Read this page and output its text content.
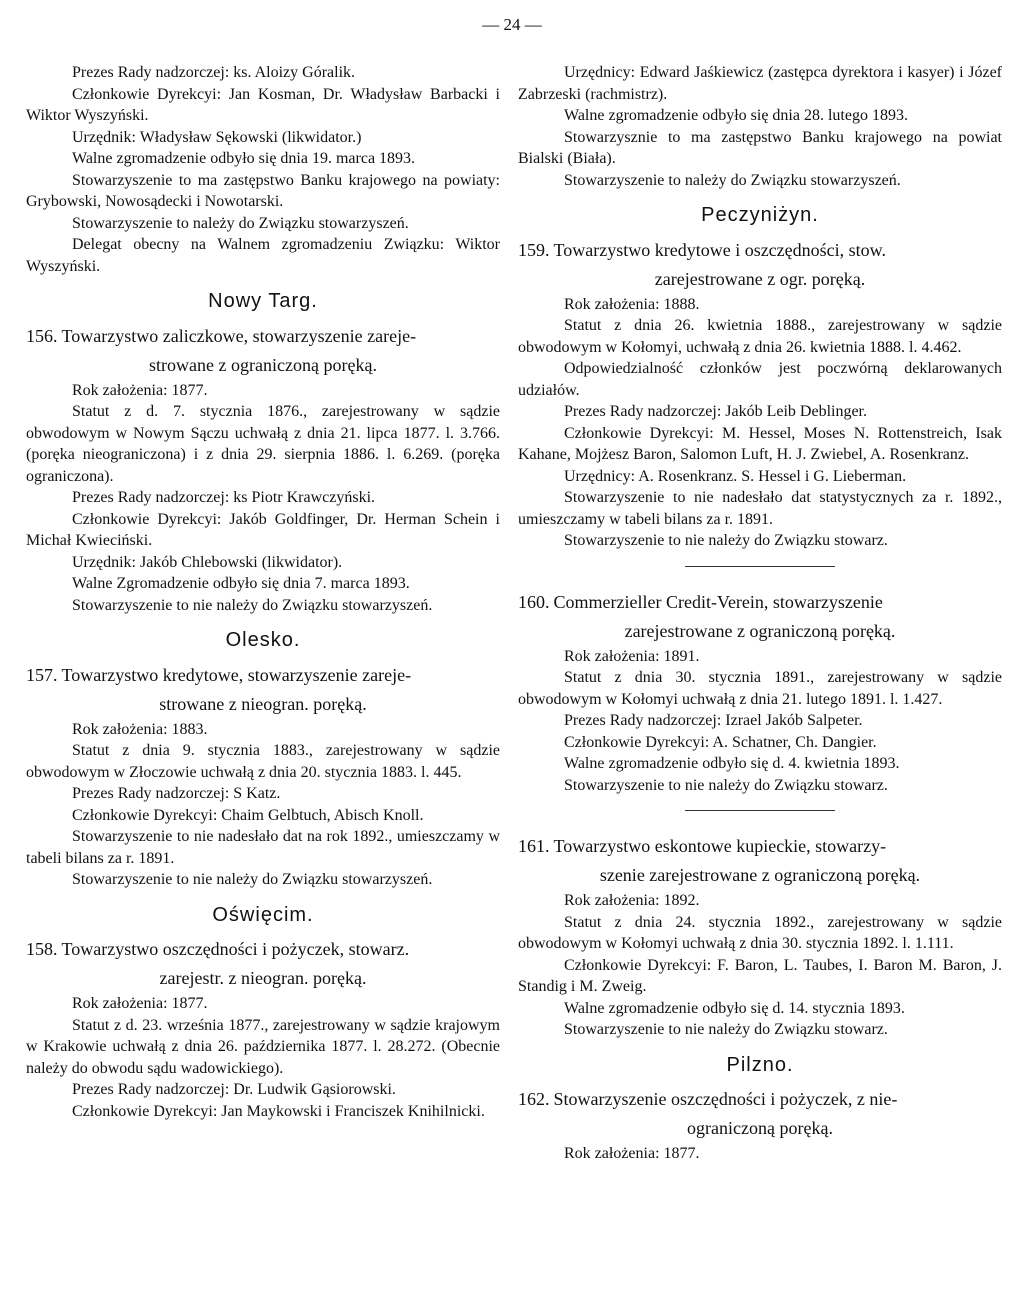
— 24 —

Prezes Rady nadzorczej: ks. Aloizy Góralik.

Członkowie Dyrekcyi: Jan Kosman, Dr. Władysław Barbacki i Wiktor Wyszyński.

Urzędnik: Władysław Sękowski (likwidator.)

Walne zgromadzenie odbyło się dnia 19. marca 1893.

Stowarzyszenie to ma zastępstwo Banku krajowego na powiaty: Grybowski, Nowosądecki i Nowotarski.

Stowarzyszenie to należy do Związku stowarzyszeń.

Delegat obecny na Walnem zgromadzeniu Związku: Wiktor Wyszyński.

Nowy Targ.
156. Towarzystwo zaliczkowe, stowarzyszenie zareje-
strowane z ograniczoną poręką.

Rok założenia: 1877.

Statut z d. 7. stycznia 1876., zarejestrowany w sądzie obwodowym w Nowym Sączu uchwałą z dnia 21. lipca 1877. l. 3.766. (poręka nieograniczona) i z dnia 29. sierpnia 1886. l. 6.269. (poręka ograniczona).

Prezes Rady nadzorczej: ks Piotr Krawczyński.

Członkowie Dyrekcyi: Jakób Goldfinger, Dr. Herman Schein i Michał Kwieciński.

Urzędnik: Jakób Chlebowski (likwidator).

Walne Zgromadzenie odbyło się dnia 7. marca 1893.

Stowarzyszenie to nie należy do Związku stowarzyszeń.

Olesko.
157. Towarzystwo kredytowe, stowarzyszenie zareje-
strowane z nieogran. poręką.

Rok założenia: 1883.

Statut z dnia 9. stycznia 1883., zarejestrowany w sądzie obwodowym w Złoczowie uchwałą z dnia 20. stycznia 1883. l. 445.

Prezes Rady nadzorczej: S Katz.

Członkowie Dyrekcyi: Chaim Gelbtuch, Abisch Knoll.

Stowarzyszenie to nie nadesłało dat na rok 1892., umieszczamy w tabeli bilans za r. 1891.

Stowarzyszenie to nie należy do Związku stowarzyszeń.

Oświęcim.
158. Towarzystwo oszczędności i pożyczek, stowarz.
zarejestr. z nieogran. poręką.

Rok założenia: 1877.

Statut z d. 23. września 1877., zarejestrowany w sądzie krajowym w Krakowie uchwałą z dnia 26. października 1877. l. 28.272. (Obecnie należy do obwodu sądu wadowickiego).

Prezes Rady nadzorczej: Dr. Ludwik Gąsiorowski.

Członkowie Dyrekcyi: Jan Maykowski i Franciszek Knihilnicki.

Urzędnicy: Edward Jaśkiewicz (zastępca dyrektora i kasyer) i Józef Zabrzeski (rachmistrz).

Walne zgromadzenie odbyło się dnia 28. lutego 1893.

Stowarzysznie to ma zastępstwo Banku krajowego na powiat Bialski (Biała).

Stowarzyszenie to należy do Związku stowarzyszeń.

Peczyniżyn.
159. Towarzystwo kredytowe i oszczędności, stow.
zarejestrowane z ogr. poręką.

Rok założenia: 1888.

Statut z dnia 26. kwietnia 1888., zarejestrowany w sądzie obwodowym w Kołomyi, uchwałą z dnia 26. kwietnia 1888. l. 4.462.

Odpowiedzialność członków jest poczwórną deklarowanych udziałów.

Prezes Rady nadzorczej: Jakób Leib Deblinger.

Członkowie Dyrekcyi: M. Hessel, Moses N. Rottenstreich, Isak Kahane, Mojżesz Baron, Salomon Luft, H. J. Zwiebel, A. Rosenkranz.

Urzędnicy: A. Rosenkranz. S. Hessel i G. Lieberman.

Stowarzyszenie to nie nadesłało dat statystycznych za r. 1892., umieszczamy w tabeli bilans za r. 1891.

Stowarzyszenie to nie należy do Związku stowarz.

160. Commerzieller Credit-Verein, stowarzyszenie
zarejestrowane z ograniczoną poręką.

Rok założenia: 1891.

Statut z dnia 30. stycznia 1891., zarejestrowany w sądzie obwodowym w Kołomyi uchwałą z dnia 21. lutego 1891. l. 1.427.

Prezes Rady nadzorczej: Izrael Jakób Salpeter.

Członkowie Dyrekcyi: A. Schatner, Ch. Dangier.

Walne zgromadzenie odbyło się d. 4. kwietnia 1893.

Stowarzyszenie to nie należy do Związku stowarz.

161. Towarzystwo eskontowe kupieckie, stowarzy-
szenie zarejestrowane z ograniczoną poręką.

Rok założenia: 1892.

Statut z dnia 24. stycznia 1892., zarejestrowany w sądzie obwodowym w Kołomyi uchwałą z dnia 30. stycznia 1892. l. 1.111.

Członkowie Dyrekcyi: F. Baron, L. Taubes, I. Baron M. Baron, J. Standig i M. Zweig.

Walne zgromadzenie odbyło się d. 14. stycznia 1893.

Stowarzyszenie to nie należy do Związku stowarz.

Pilzno.
162. Stowarzyszenie oszczędności i pożyczek, z nie-
ograniczoną poręką.

Rok założenia: 1877.
